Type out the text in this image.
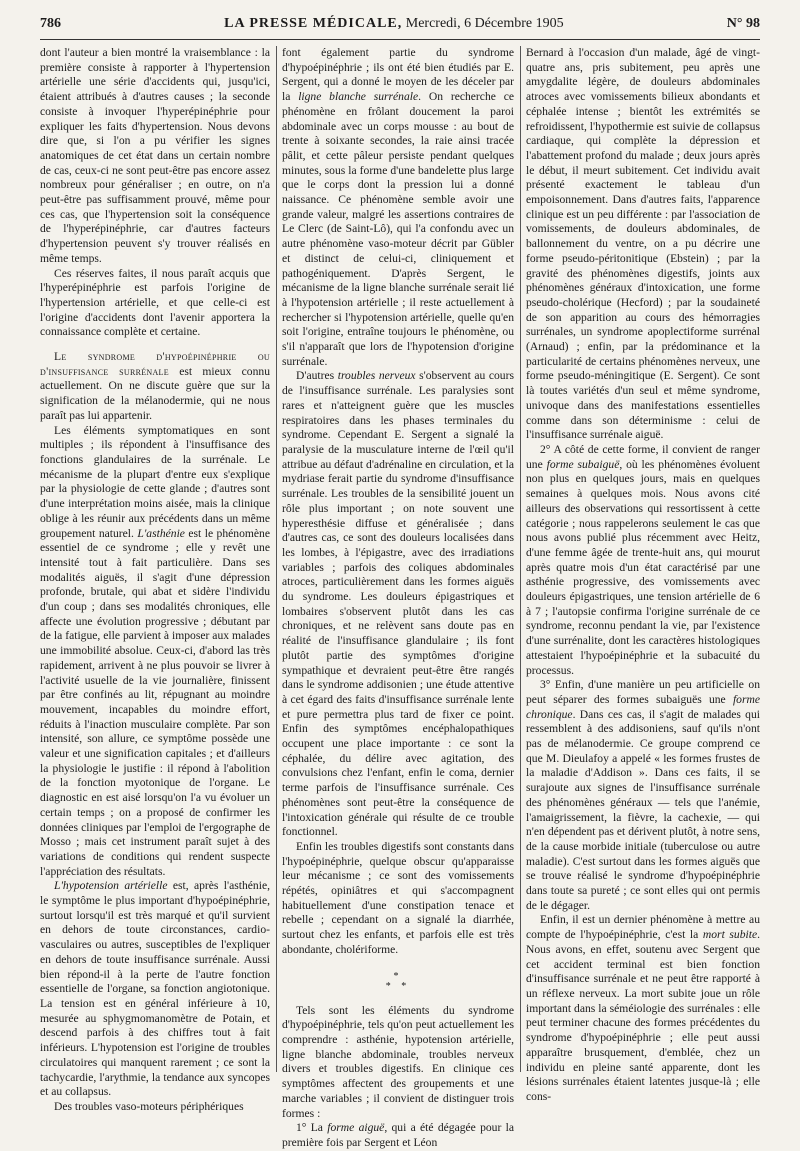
786	LA PRESSE MÉDICALE, Mercredi, 6 Décembre 1905	N° 98

dont l'auteur a bien montré la vraisemblance : la première consiste à rapporter à l'hypertension artérielle une série d'accidents qui, jusqu'ici, étaient attribués à d'autres causes ; la seconde consiste à invoquer l'hyperépinéphrie pour expliquer les faits d'hypertension. Nous devons dire que, si l'on a pu vérifier les signes anatomiques de cet état dans un certain nombre de cas, ceux-ci ne sont peut-être pas encore assez nombreux pour généraliser ; en outre, on n'a peut-être pas suffisamment prouvé, même pour ces cas, que l'hypertension soit la conséquence de l'hyperépinéphrie, car d'autres facteurs d'hypertension peuvent s'y trouver réalisés en même temps.

Ces réserves faites, il nous paraît acquis que l'hyperépinéphrie est parfois l'origine de l'hypertension artérielle, et que celle-ci est l'origine d'accidents dont l'avenir apportera la connaissance complète et certaine.

Le syndrome d'hypoépinéphrie ou d'insuffisance surrénale est mieux connu actuellement. On ne discute guère que sur la signification de la mélanodermie, qui ne nous paraît pas lui appartenir.

Les éléments symptomatiques en sont multiples ; ils répondent à l'insuffisance des fonctions glandulaires de la surrénale. Le mécanisme de la plupart d'entre eux s'explique par la physiologie de cette glande ; d'autres sont d'une interprétation moins aisée, mais la clinique oblige à les réunir aux précédents dans un même groupement naturel. L'asthénie est le phénomène essentiel de ce syndrome ; elle y revêt une intensité tout à fait particulière. Dans ses modalités aiguës, il s'agit d'une dépression profonde, brutale, qui abat et sidère l'individu d'un coup ; dans ses modalités chroniques, elle affecte une évolution progressive ; débutant par de la fatigue, elle parvient à imposer aux malades une immobilité absolue. Ceux-ci, d'abord las très rapidement, arrivent à ne plus pouvoir se livrer à l'activité usuelle de la vie journalière, finissent par être confinés au lit, répugnant au moindre mouvement, incapables du moindre effort, réduits à l'inaction musculaire complète. Par son intensité, son allure, ce symptôme possède une valeur et une signification capitales ; et d'ailleurs la physiologie le justifie : il répond à l'abolition de la fonction myotonique de l'organe. Le diagnostic en est aisé lorsqu'on l'a vu évoluer un certain temps ; on a proposé de confirmer les données cliniques par l'emploi de l'ergographe de Mosso ; mais cet instrument paraît sujet à des variations de conditions qui rendent suspecte l'appréciation des résultats.

L'hypotension artérielle est, après l'asthénie, le symptôme le plus important d'hypoépinéphrie, surtout lorsqu'il est très marqué et qu'il survient en dehors de toute circonstances, cardio-vasculaires ou autres, susceptibles de l'expliquer en dehors de toute insuffisance surrénale. Aussi bien répond-il à la perte de l'autre fonction essentielle de l'organe, sa fonction angiotonique. La tension est en général inférieure à 10, mesurée au sphygmomanomètre de Potain, et descend parfois à des chiffres tout à fait inférieurs. L'hypotension est l'origine de troubles circulatoires qui manquent rarement ; ce sont la tachycardie, l'arythmie, la tendance aux syncopes et au collapsus.

Des troubles vaso-moteurs périphériques

font également partie du syndrome d'hypoépinéphrie ; ils ont été bien étudiés par E. Sergent, qui a donné le moyen de les déceler par la ligne blanche surrénale. On recherche ce phénomène en frôlant doucement la paroi abdominale avec un corps mousse : au bout de trente à soixante secondes, la raie ainsi tracée pâlit, et cette pâleur persiste pendant quelques minutes, sous la forme d'une bandelette plus large que le corps dont la pression lui a donné naissance. Ce phénomène semble avoir une grande valeur, malgré les assertions contraires de Le Clerc (de Saint-Lô), qui l'a confondu avec un autre phénomène vaso-moteur décrit par Gübler et distinct de celui-ci, cliniquement et pathogéniquement. D'après Sergent, le mécanisme de la ligne blanche surrénale serait lié à l'hypotension artérielle ; il reste actuellement à rechercher si l'hypotension artérielle, quelle qu'en soit l'origine, entraîne toujours le phénomène, ou s'il n'apparaît que lors de l'hypotension d'origine surrénale.

D'autres troubles nerveux s'observent au cours de l'insuffisance surrénale. Les paralysies sont rares et n'atteignent guère que les muscles respiratoires dans les phases terminales du syndrome. Cependant E. Sergent a signalé la paralysie de la musculature interne de l'œil qu'il attribue au défaut d'adrénaline en circulation, et la mydriase ferait partie du syndrome d'insuffisance surrénale. Les troubles de la sensibilité jouent un rôle plus important ; on note souvent une hyperesthésie diffuse et généralisée ; dans d'autres cas, ce sont des douleurs localisées dans les lombes, à l'épigastre, avec des irradiations variables ; parfois des coliques abdominales atroces, particulièrement dans les formes aiguës du syndrome. Les douleurs épigastriques et lombaires s'observent plutôt dans les cas chroniques, et ne relèvent sans doute pas en réalité de l'insuffisance glandulaire ; ils font plutôt partie des symptômes d'origine sympathique et devraient peut-être être rangés dans le syndrome addisonien ; une étude attentive à cet égard des faits d'insuffisance surrénale lente et pure permettra plus tard de fixer ce point. Enfin des symptômes encéphalopathiques occupent une place importante : ce sont la céphalée, du délire avec agitation, des convulsions chez l'enfant, enfin le coma, dernier terme parfois de l'insuffisance surrénale. Ces phénomènes sont peut-être la conséquence de l'intoxication générale qui résulte de ce trouble fonctionnel.

Enfin les troubles digestifs sont constants dans l'hypoépinéphrie, quelque obscur qu'apparaisse leur mécanisme ; ce sont des vomissements répétés, opiniâtres et qui s'accompagnent habituellement d'une constipation tenace et rebelle ; cependant on a signalé la diarrhée, surtout chez les enfants, et parfois elle est très abondante, cholériforme.

*
* *

Tels sont les éléments du syndrome d'hypoépinéphrie, tels qu'on peut actuellement les comprendre : asthénie, hypotension artérielle, ligne blanche abdominale, troubles nerveux divers et troubles digestifs. En clinique ces symptômes affectent des groupements et une marche variables ; il convient de distinguer trois formes :

1° La forme aiguë, qui a été dégagée pour la première fois par Sergent et Léon

Bernard à l'occasion d'un malade, âgé de vingt-quatre ans, pris subitement, peu après une amygdalite légère, de douleurs abdominales atroces avec vomissements bilieux abondants et céphalée intense ; bientôt les extrémités se refroidissent, l'hypothermie est suivie de collapsus cardiaque, qui complète la dépression et l'abattement profond du malade ; deux jours après le début, il meurt subitement. Cet individu avait présenté exactement le tableau d'un empoisonnement. Dans d'autres faits, l'apparence clinique est un peu différente : par l'association de vomissements, de douleurs abdominales, de ballonnement du ventre, on a pu décrire une forme pseudo-péritonitique (Ebstein) ; par la gravité des phénomènes digestifs, joints aux phénomènes généraux d'intoxication, une forme pseudo-cholérique (Hecford) ; par la soudaineté de son apparition au cours des hémorragies surrénales, un syndrome apoplectiforme surrénal (Arnaud) ; enfin, par la prédominance et la particularité de certains phénomènes nerveux, une forme pseudo-méningitique (E. Sergent). Ce sont là toutes variétés d'un seul et même syndrome, univoque dans des manifestations essentielles comme dans son déterminisme : celui de l'insuffisance surrénale aiguë.

2° A côté de cette forme, il convient de ranger une forme subaiguë, où les phénomènes évoluent non plus en quelques jours, mais en quelques semaines à quelques mois. Nous avons cité ailleurs des observations qui ressortissent à cette catégorie ; nous rappelerons seulement le cas que nous avons publié plus récemment avec Heitz, d'une femme âgée de trente-huit ans, qui mourut après quatre mois d'un état caractérisé par une asthénie progressive, des vomissements avec douleurs épigastriques, une tension artérielle de 6 à 7 ; l'autopsie confirma l'origine surrénale de ce syndrome, reconnu pendant la vie, par l'existence d'une surrénalite, dont les caractères histologiques attestaient l'hypoépinéphrie et la subacuité du processus.

3° Enfin, d'une manière un peu artificielle on peut séparer des formes subaiguës une forme chronique. Dans ces cas, il s'agit de malades qui ressemblent à des addisoniens, sauf qu'ils n'ont pas de mélanodermie. Ce groupe comprend ce que M. Dieulafoy a appelé « les formes frustes de la maladie d'Addison ». Dans ces faits, il se surajoute aux signes de l'insuffisance surrénale des phénomènes généraux — tels que l'anémie, l'amaigrissement, la fièvre, la cachexie, — qui n'en dépendent pas et dérivent plutôt, à notre sens, de la cause morbide initiale (tuberculose ou autre maladie). C'est surtout dans les formes aiguës que se trouve réalisé le syndrome d'hypoépinéphrie dans toute sa pureté ; ce sont elles qui ont permis de le dégager.

Enfin, il est un dernier phénomène à mettre au compte de l'hypoépinéphrie, c'est la mort subite. Nous avons, en effet, soutenu avec Sergent que cet accident terminal est bien fonction d'insuffisance surrénale et ne peut être rapporté à un réflexe nerveux. La mort subite joue un rôle important dans la séméiologie des surrénales : elle peut terminer chacune des formes précédentes du syndrome d'hypoépinéphrie ; elle peut aussi apparaître brusquement, d'emblée, chez un individu en pleine santé apparente, dont les lésions surrénales étaient latentes jusque-là ; elle cons-
